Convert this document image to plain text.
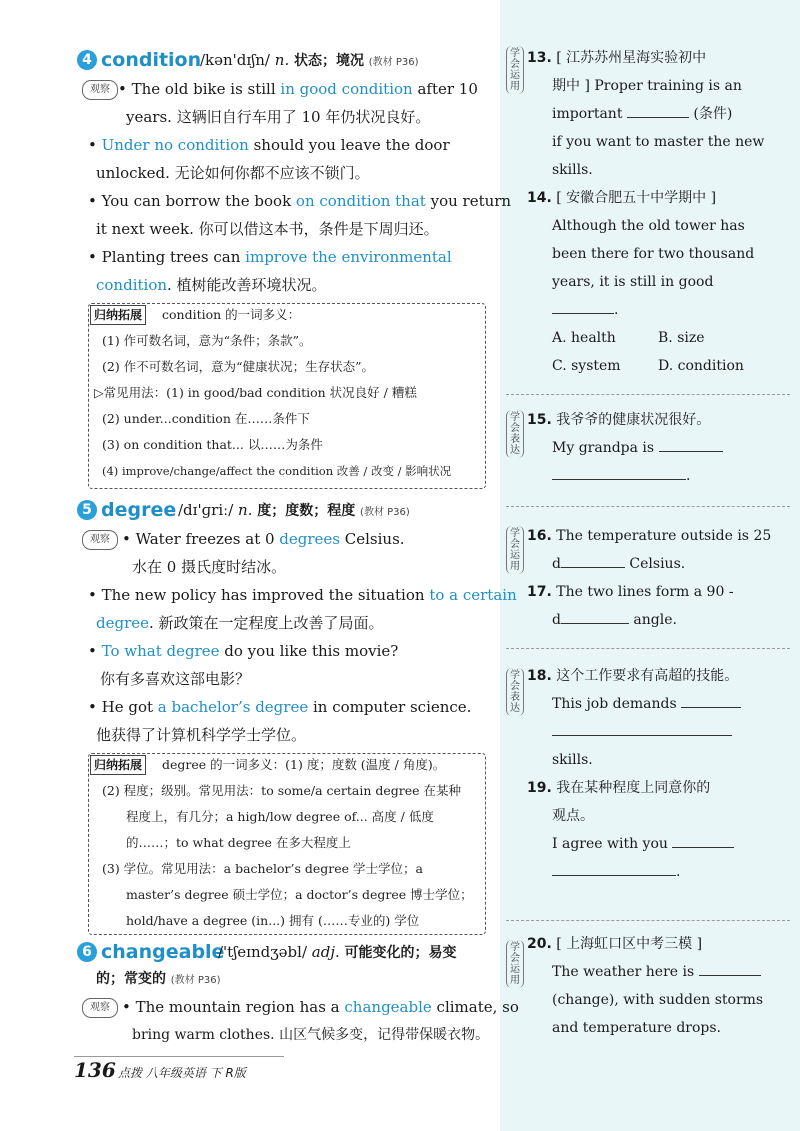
4 condition
/kən'dɪʃn/ n. 状态；境况 (教材 P36)
观察 • The old bike is still in good condition after 10
years. 这辆旧自行车用了 10 年仍状况良好。
• Under no condition should you leave the door
unlocked. 无论如何你都不应该不锁门。
• You can borrow the book on condition that you return
it next week. 你可以借这本书，条件是下周归还。
• Planting trees can improve the environmental
condition. 植树能改善环境状况。
归纳拓展	condition 的一词多义：
(1) 作可数名词，意为“条件；条款”。
(2) 作不可数名词，意为“健康状况；生存状态”。
▷常见用法：(1) in good/bad condition 状况良好 / 糟糕
(2) under...condition 在……条件下
(3) on condition that... 以……为条件
(4) improve/change/affect the condition 改善 / 改变 / 影响状况
5 degree /dɪ'ɡriː/ n. 度；度数；程度 (教材 P36)
观察 • Water freezes at 0 degrees Celsius.
水在 0 摄氏度时结冰。
• The new policy has improved the situation to a certain
degree. 新政策在一定程度上改善了局面。
• To what degree do you like this movie?
你有多喜欢这部电影？
• He got a bachelor’s degree in computer science.
他获得了计算机科学学士学位。
归纳拓展	degree 的一词多义：(1) 度；度数 (温度 / 角度)。
(2) 程度；级别。常见用法：to some/a certain degree 在某种
程度上，有几分；a high/low degree of... 高度 / 低度
的……；to what degree 在多大程度上
(3) 学位。常见用法：a bachelor’s degree 学士学位；a
master’s degree 硕士学位；a doctor’s degree 博士学位；
hold/have a degree (in...) 拥有 (……专业的) 学位
6 changeable
/'tʃeɪndʒəbl/ adj. 可能变化的；易变
的；常变的 (教材 P36)
观察 • The mountain region has a changeable climate, so
bring warm clothes. 山区气候多变，记得带保暖衣物。
136 点拨 八年级英语 下 R版
学会运用
13. [ 江苏苏州星海实验初中
期中 ] Proper training is an
important	(条件)
if you want to master the new
skills.
14. [ 安徽合肥五十中学期中 ]
Although the old tower has
been there for two thousand
years, it is still in good
.
A. health	B. size
C. system	D. condition
学会表达
15. 我爷爷的健康状况很好。
My grandpa is
.
学会运用
16. The temperature outside is 25
d	Celsius.
17. The two lines form a 90 -
d	angle.
学会表达
18. 这个工作要求有高超的技能。
This job demands
skills.
19. 我在某种程度上同意你的
观点。
I agree with you
.
学会运用
20. [ 上海虹口区中考三模 ]
The weather here is
(change), with sudden storms
and temperature drops.
